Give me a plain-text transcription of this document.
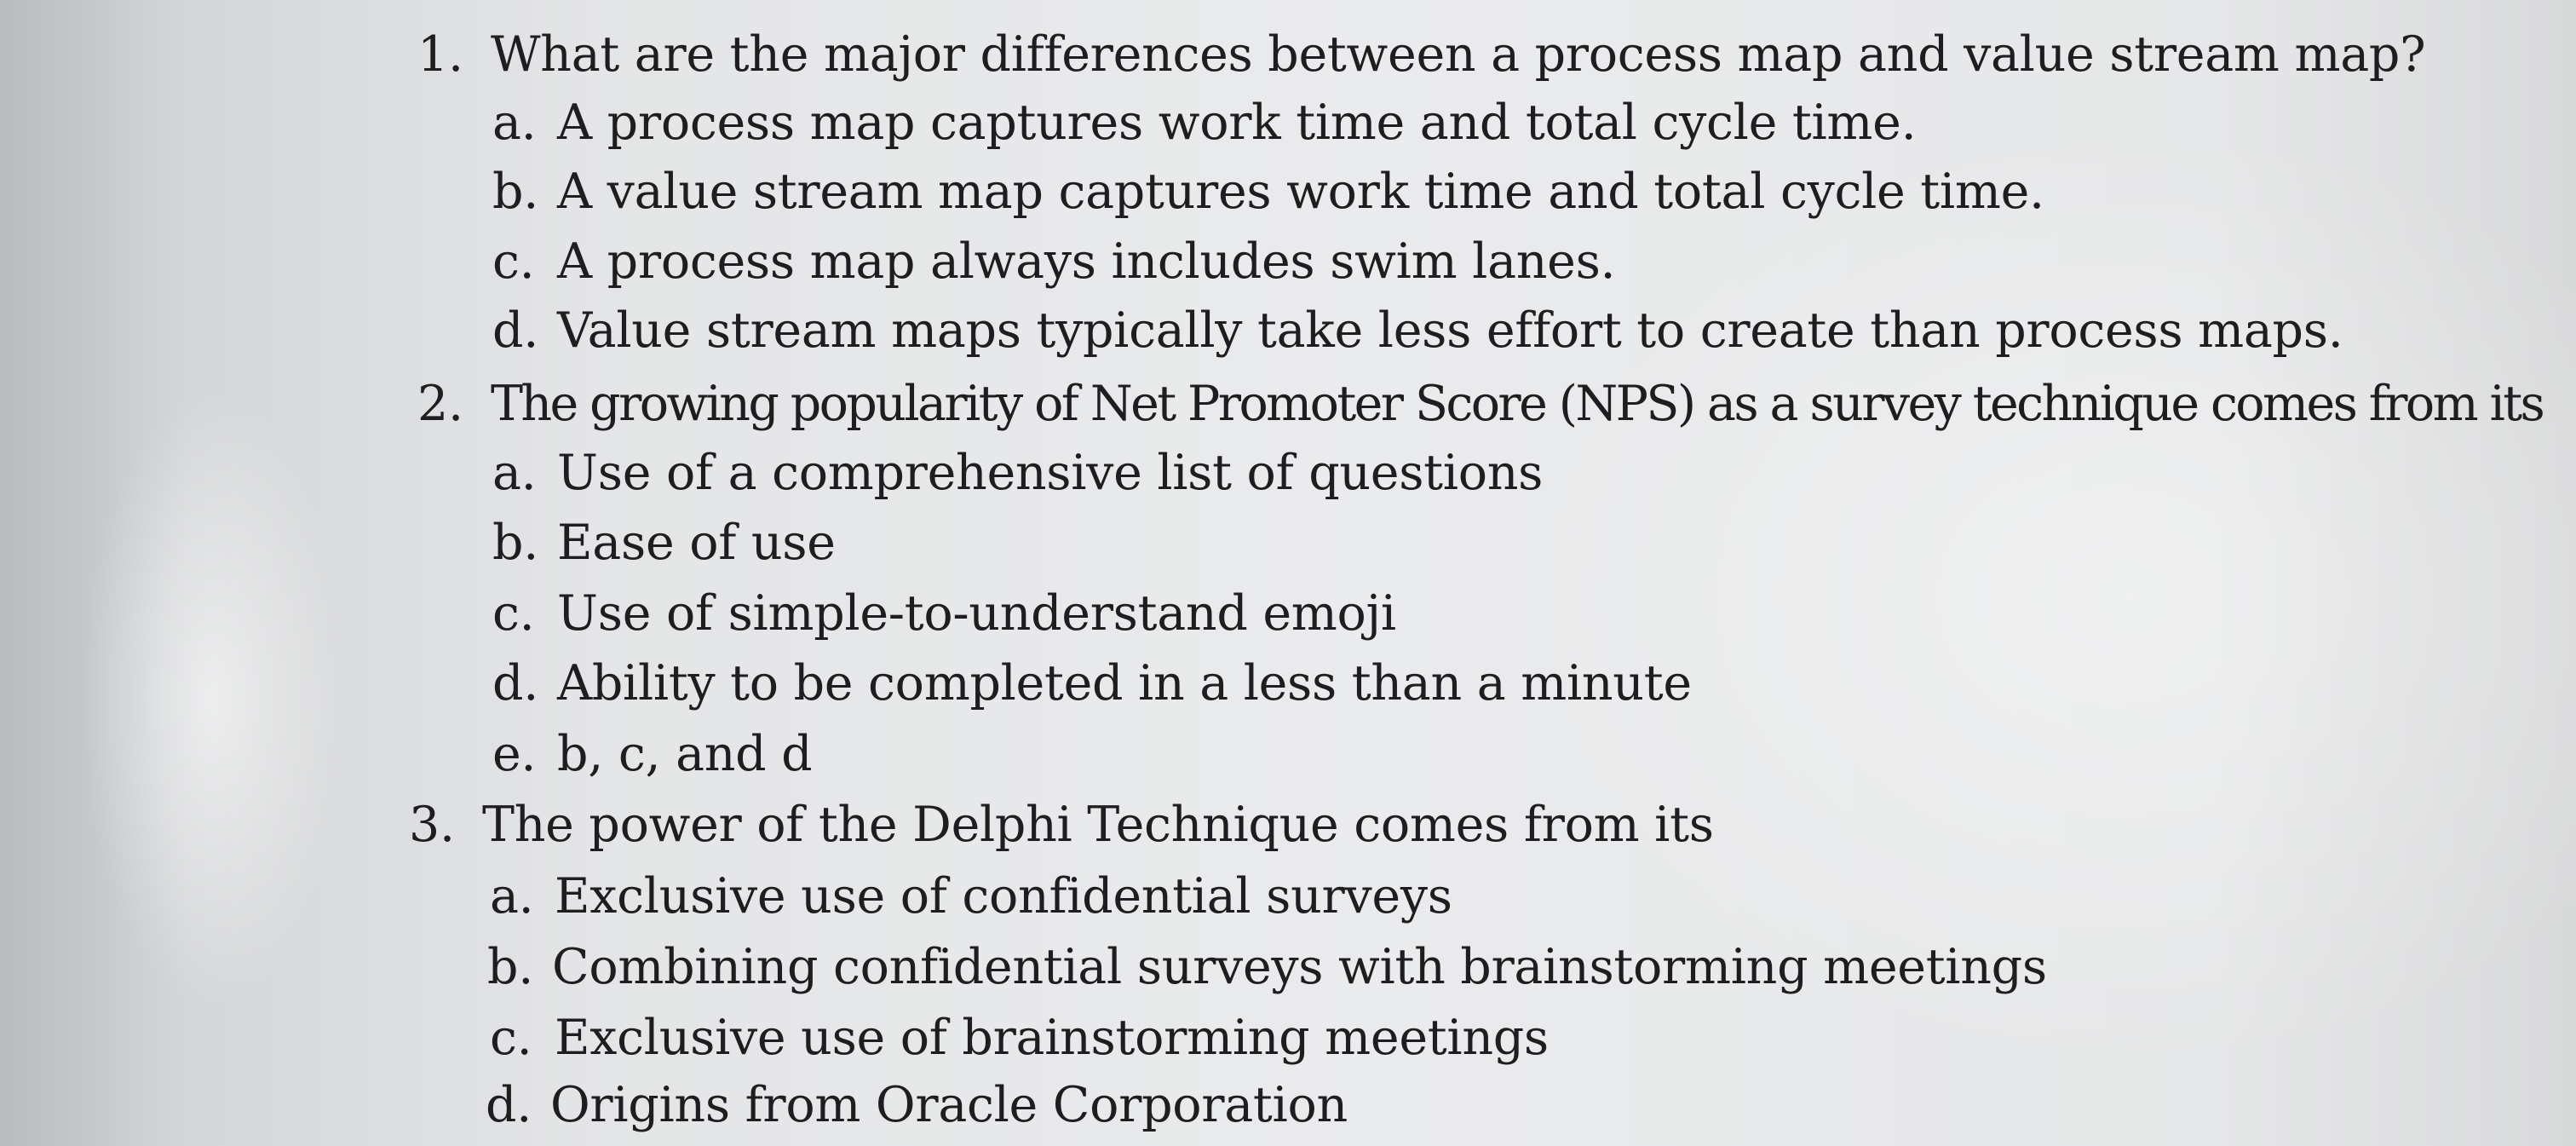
1. What are the major differences between a process map and value stream map?
a. A process map captures work time and total cycle time.
b. A value stream map captures work time and total cycle time.
c. A process map always includes swim lanes.
d. Value stream maps typically take less effort to create than process maps.
2. The growing popularity of Net Promoter Score (NPS) as a survey technique comes from its
a. Use of a comprehensive list of questions
b. Ease of use
c. Use of simple-to-understand emoji
d. Ability to be completed in a less than a minute
e. b, c, and d
3. The power of the Delphi Technique comes from its
a. Exclusive use of confidential surveys
b. Combining confidential surveys with brainstorming meetings
c. Exclusive use of brainstorming meetings
d. Origins from Oracle Corporation
